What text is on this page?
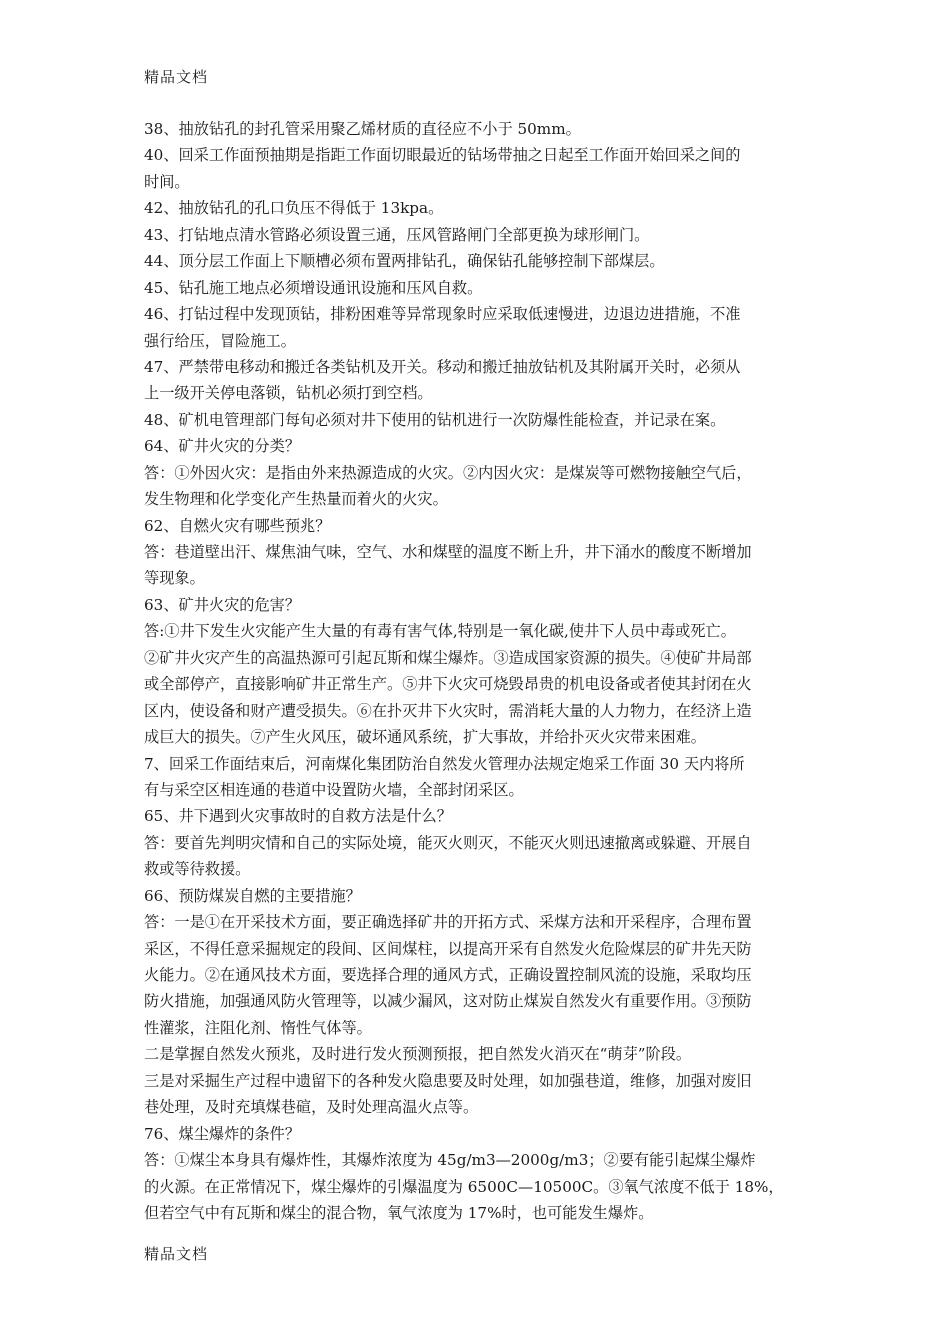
精品文档
38、抽放钻孔的封孔管采用聚乙烯材质的直径应不小于 50mm。
40、回采工作面预抽期是指距工作面切眼最近的钻场带抽之日起至工作面开始回采之间的
时间。
42、抽放钻孔的孔口负压不得低于 13kpa。
43、打钻地点清水管路必须设置三通，压风管路闸门全部更换为球形闸门。
44、顶分层工作面上下顺槽必须布置两排钻孔，确保钻孔能够控制下部煤层。
45、钻孔施工地点必须增设通讯设施和压风自救。
46、打钻过程中发现顶钻，排粉困难等异常现象时应采取低速慢进，边退边进措施，不准
强行给压，冒险施工。
47、严禁带电移动和搬迁各类钻机及开关。移动和搬迁抽放钻机及其附属开关时，必须从
上一级开关停电落锁，钻机必须打到空档。
48、矿机电管理部门每旬必须对井下使用的钻机进行一次防爆性能检查，并记录在案。
64、矿井火灾的分类？
答：①外因火灾：是指由外来热源造成的火灾。②内因火灾：是煤炭等可燃物接触空气后，
发生物理和化学变化产生热量而着火的火灾。
62、自燃火灾有哪些预兆？
答：巷道壁出汗、煤焦油气味，空气、水和煤壁的温度不断上升，井下涌水的酸度不断增加
等现象。
63、矿井火灾的危害？
答:①井下发生火灾能产生大量的有毒有害气体,特别是一氧化碳,使井下人员中毒或死亡。
②矿井火灾产生的高温热源可引起瓦斯和煤尘爆炸。③造成国家资源的损失。④使矿井局部
或全部停产，直接影响矿井正常生产。⑤井下火灾可烧毁昂贵的机电设备或者使其封闭在火
区内，使设备和财产遭受损失。⑥在扑灭井下火灾时，需消耗大量的人力物力，在经济上造
成巨大的损失。⑦产生火风压，破坏通风系统，扩大事故，并给扑灭火灾带来困难。
7、回采工作面结束后，河南煤化集团防治自然发火管理办法规定炮采工作面 30 天内将所
有与采空区相连通的巷道中设置防火墙，全部封闭采区。
65、井下遇到火灾事故时的自救方法是什么？
答：要首先判明灾情和自己的实际处境，能灭火则灭，不能灭火则迅速撤离或躲避、开展自
救或等待救援。
66、预防煤炭自燃的主要措施？
答：一是①在开采技术方面，要正确选择矿井的开拓方式、采煤方法和开采程序，合理布置
采区，不得任意采掘规定的段间、区间煤柱，以提高开采有自然发火危险煤层的矿井先天防
火能力。②在通风技术方面，要选择合理的通风方式，正确设置控制风流的设施，采取均压
防火措施，加强通风防火管理等，以减少漏风，这对防止煤炭自然发火有重要作用。③预防
性灌浆，注阻化剂、惰性气体等。
二是掌握自然发火预兆，及时进行发火预测预报，把自然发火消灭在“萌芽”阶段。
三是对采掘生产过程中遗留下的各种发火隐患要及时处理，如加强巷道，维修，加强对废旧
巷处理，及时充填煤巷碹，及时处理高温火点等。
76、煤尘爆炸的条件？
答：①煤尘本身具有爆炸性，其爆炸浓度为 45g/m3—2000g/m3；②要有能引起煤尘爆炸
的火源。在正常情况下，煤尘爆炸的引爆温度为 6500C—10500C。③氧气浓度不低于 18%，
但若空气中有瓦斯和煤尘的混合物，氧气浓度为 17%时，也可能发生爆炸。
精品文档
